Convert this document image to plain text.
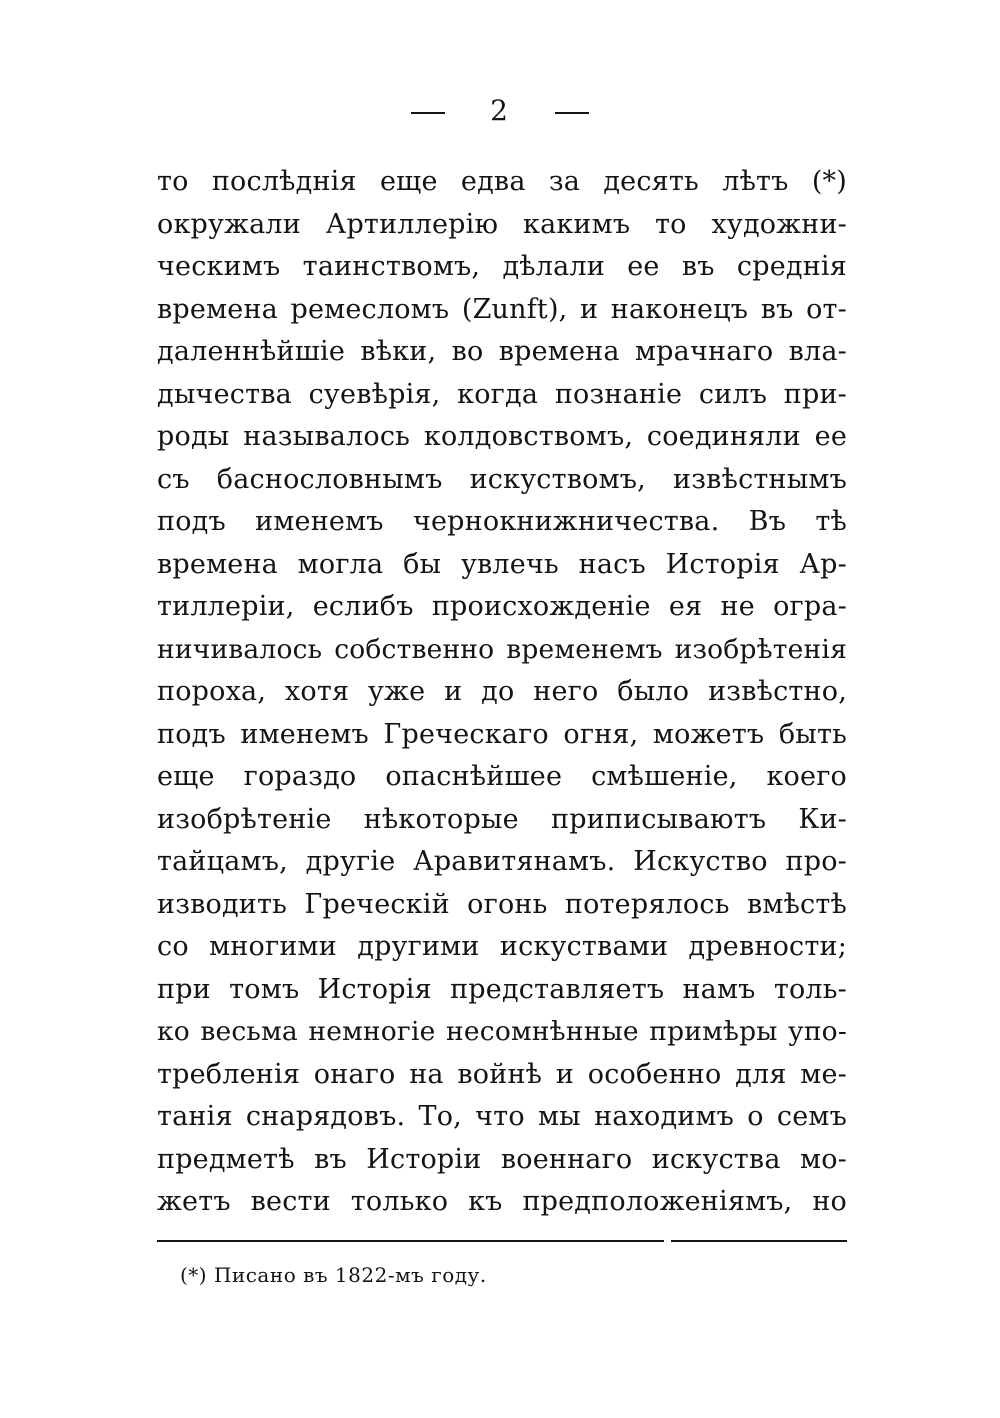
2
то послѣднія еще едва за десять лѣтъ (*)
окружали Артиллерію какимъ то художни-
ческимъ таинствомъ, дѣлали ее въ среднія
времена ремесломъ (Zunft), и наконецъ въ от-
даленнѣйшіе вѣки, во времена мрачнаго вла-
дычества суевѣрія, когда познаніе силъ при-
роды называлось колдовствомъ, соединяли ее
съ баснословнымъ искуствомъ, извѣстнымъ
подъ именемъ чернокнижничества. Въ тѣ
времена могла бы увлечь насъ Исторія Ар-
тиллеріи, еслибъ происхожденіе ея не огра-
ничивалось собственно временемъ изобрѣтенія
пороха, хотя уже и до него было извѣстно,
подъ именемъ Греческаго огня, можетъ быть
еще гораздо опаснѣйшее смѣшеніе, коего
изобрѣтеніе нѣкоторые приписываютъ Ки-
тайцамъ, другіе Аравитянамъ. Искуство про-
изводить Греческій огонь потерялось вмѣстѣ
со многими другими искуствами древности;
при томъ Исторія представляетъ намъ толь-
ко весьма немногіе несомнѣнные примѣры упо-
требленія онаго на войнѣ и особенно для ме-
танія снарядовъ. То, что мы находимъ о семъ
предметѣ въ Исторіи военнаго искуства мо-
жетъ вести только къ предположеніямъ, но
(*) Писано въ 1822-мъ году.
